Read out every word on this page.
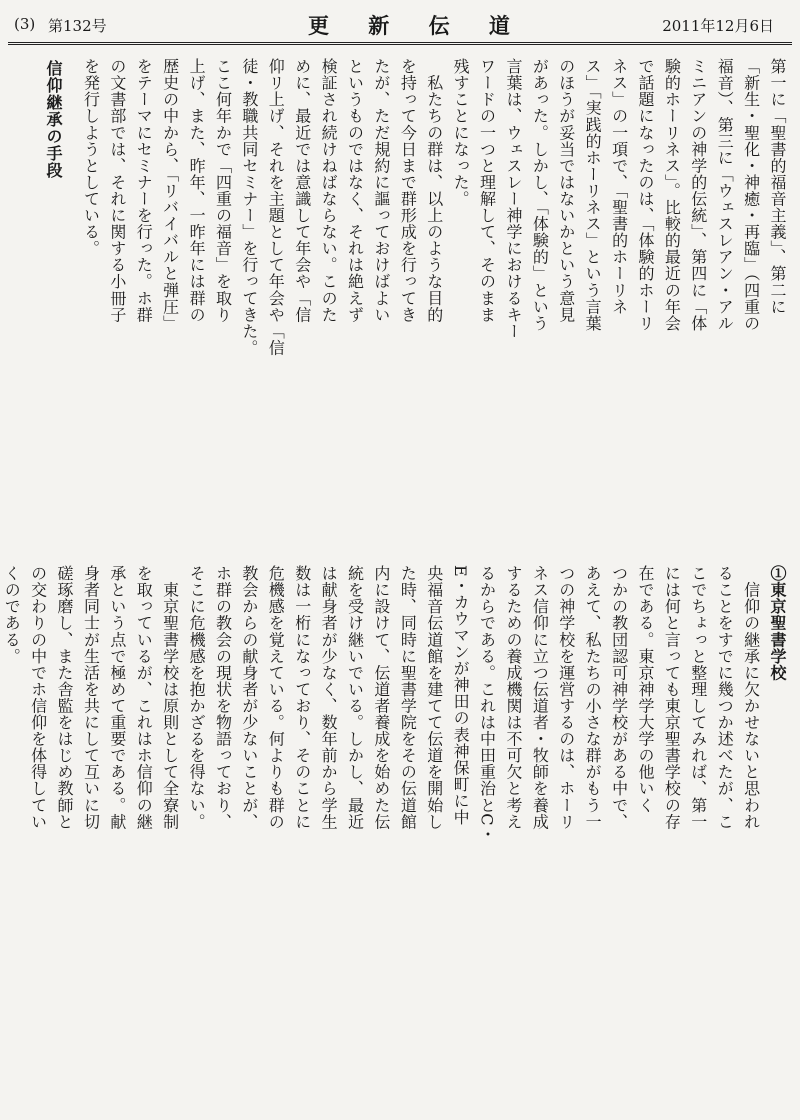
(3) 第132号	更 新 伝 道	2011年12月6日

第一に「聖書的福音主義」、第二に

「新生・聖化・神癒・再臨」（四重の

福音）、第三に「ウェスレアン・アル

ミニアンの神学的伝統」、第四に「体

験的ホーリネス」。比較的最近の年会

で話題になったのは、「体験的ホーリ

ネス」の一項で、「聖書的ホーリネ

ス」「実践的ホーリネス」という言葉

のほうが妥当ではないかという意見

があった。しかし、「体験的」という

言葉は、ウェスレー神学におけるキー

ワードの一つと理解して、そのまま

残すことになった。

　私たちの群は、以上のような目的

を持って今日まで群形成を行ってき

たが、ただ規約に謳っておけばよい

というものではなく、それは絶えず

検証され続けねばならない。このた

めに、最近では意識して年会や「信

仰リ上げ、それを主題として年会や「信

徒・教職共同セミナー」を行ってきた。

ここ何年かで「四重の福音」を取り

上げ、また、昨年、一昨年には群の

歴史の中から、「リバイバルと弾圧」

をテーマにセミナーを行った。ホ群

の文書部では、それに関する小冊子

を発行しようとしている。

信仰継承の手段

①東京聖書学校

　信仰の継承に欠かせないと思われ

ることをすでに幾つか述べたが、こ

こでちょっと整理してみれば、第一

には何と言っても東京聖書学校の存

在である。東京神学大学の他いく

つかの教団認可神学校がある中で、

あえて、私たちの小さな群がもう一

つの神学校を運営するのは、ホーリ

ネス信仰に立つ伝道者・牧師を養成

するための養成機関は不可欠と考え

るからである。これは中田重治とC・

E・カウマンが神田の表神保町に中

央福音伝道館を建てて伝道を開始し

た時、同時に聖書学院をその伝道館

内に設けて、伝道者養成を始めた伝

統を受け継いでいる。しかし、最近

は献身者が少なく、数年前から学生

数は一桁になっており、そのことに

危機感を覚えている。何よりも群の

教会からの献身者が少ないことが、

ホ群の教会の現状を物語っており、

そこに危機感を抱かざるを得ない。

　東京聖書学校は原則として全寮制

を取っているが、これはホ信仰の継

承という点で極めて重要である。献

身者同士が生活を共にして互いに切

磋琢磨し、また舎監をはじめ教師と

の交わりの中でホ信仰を体得してい

くのである。
